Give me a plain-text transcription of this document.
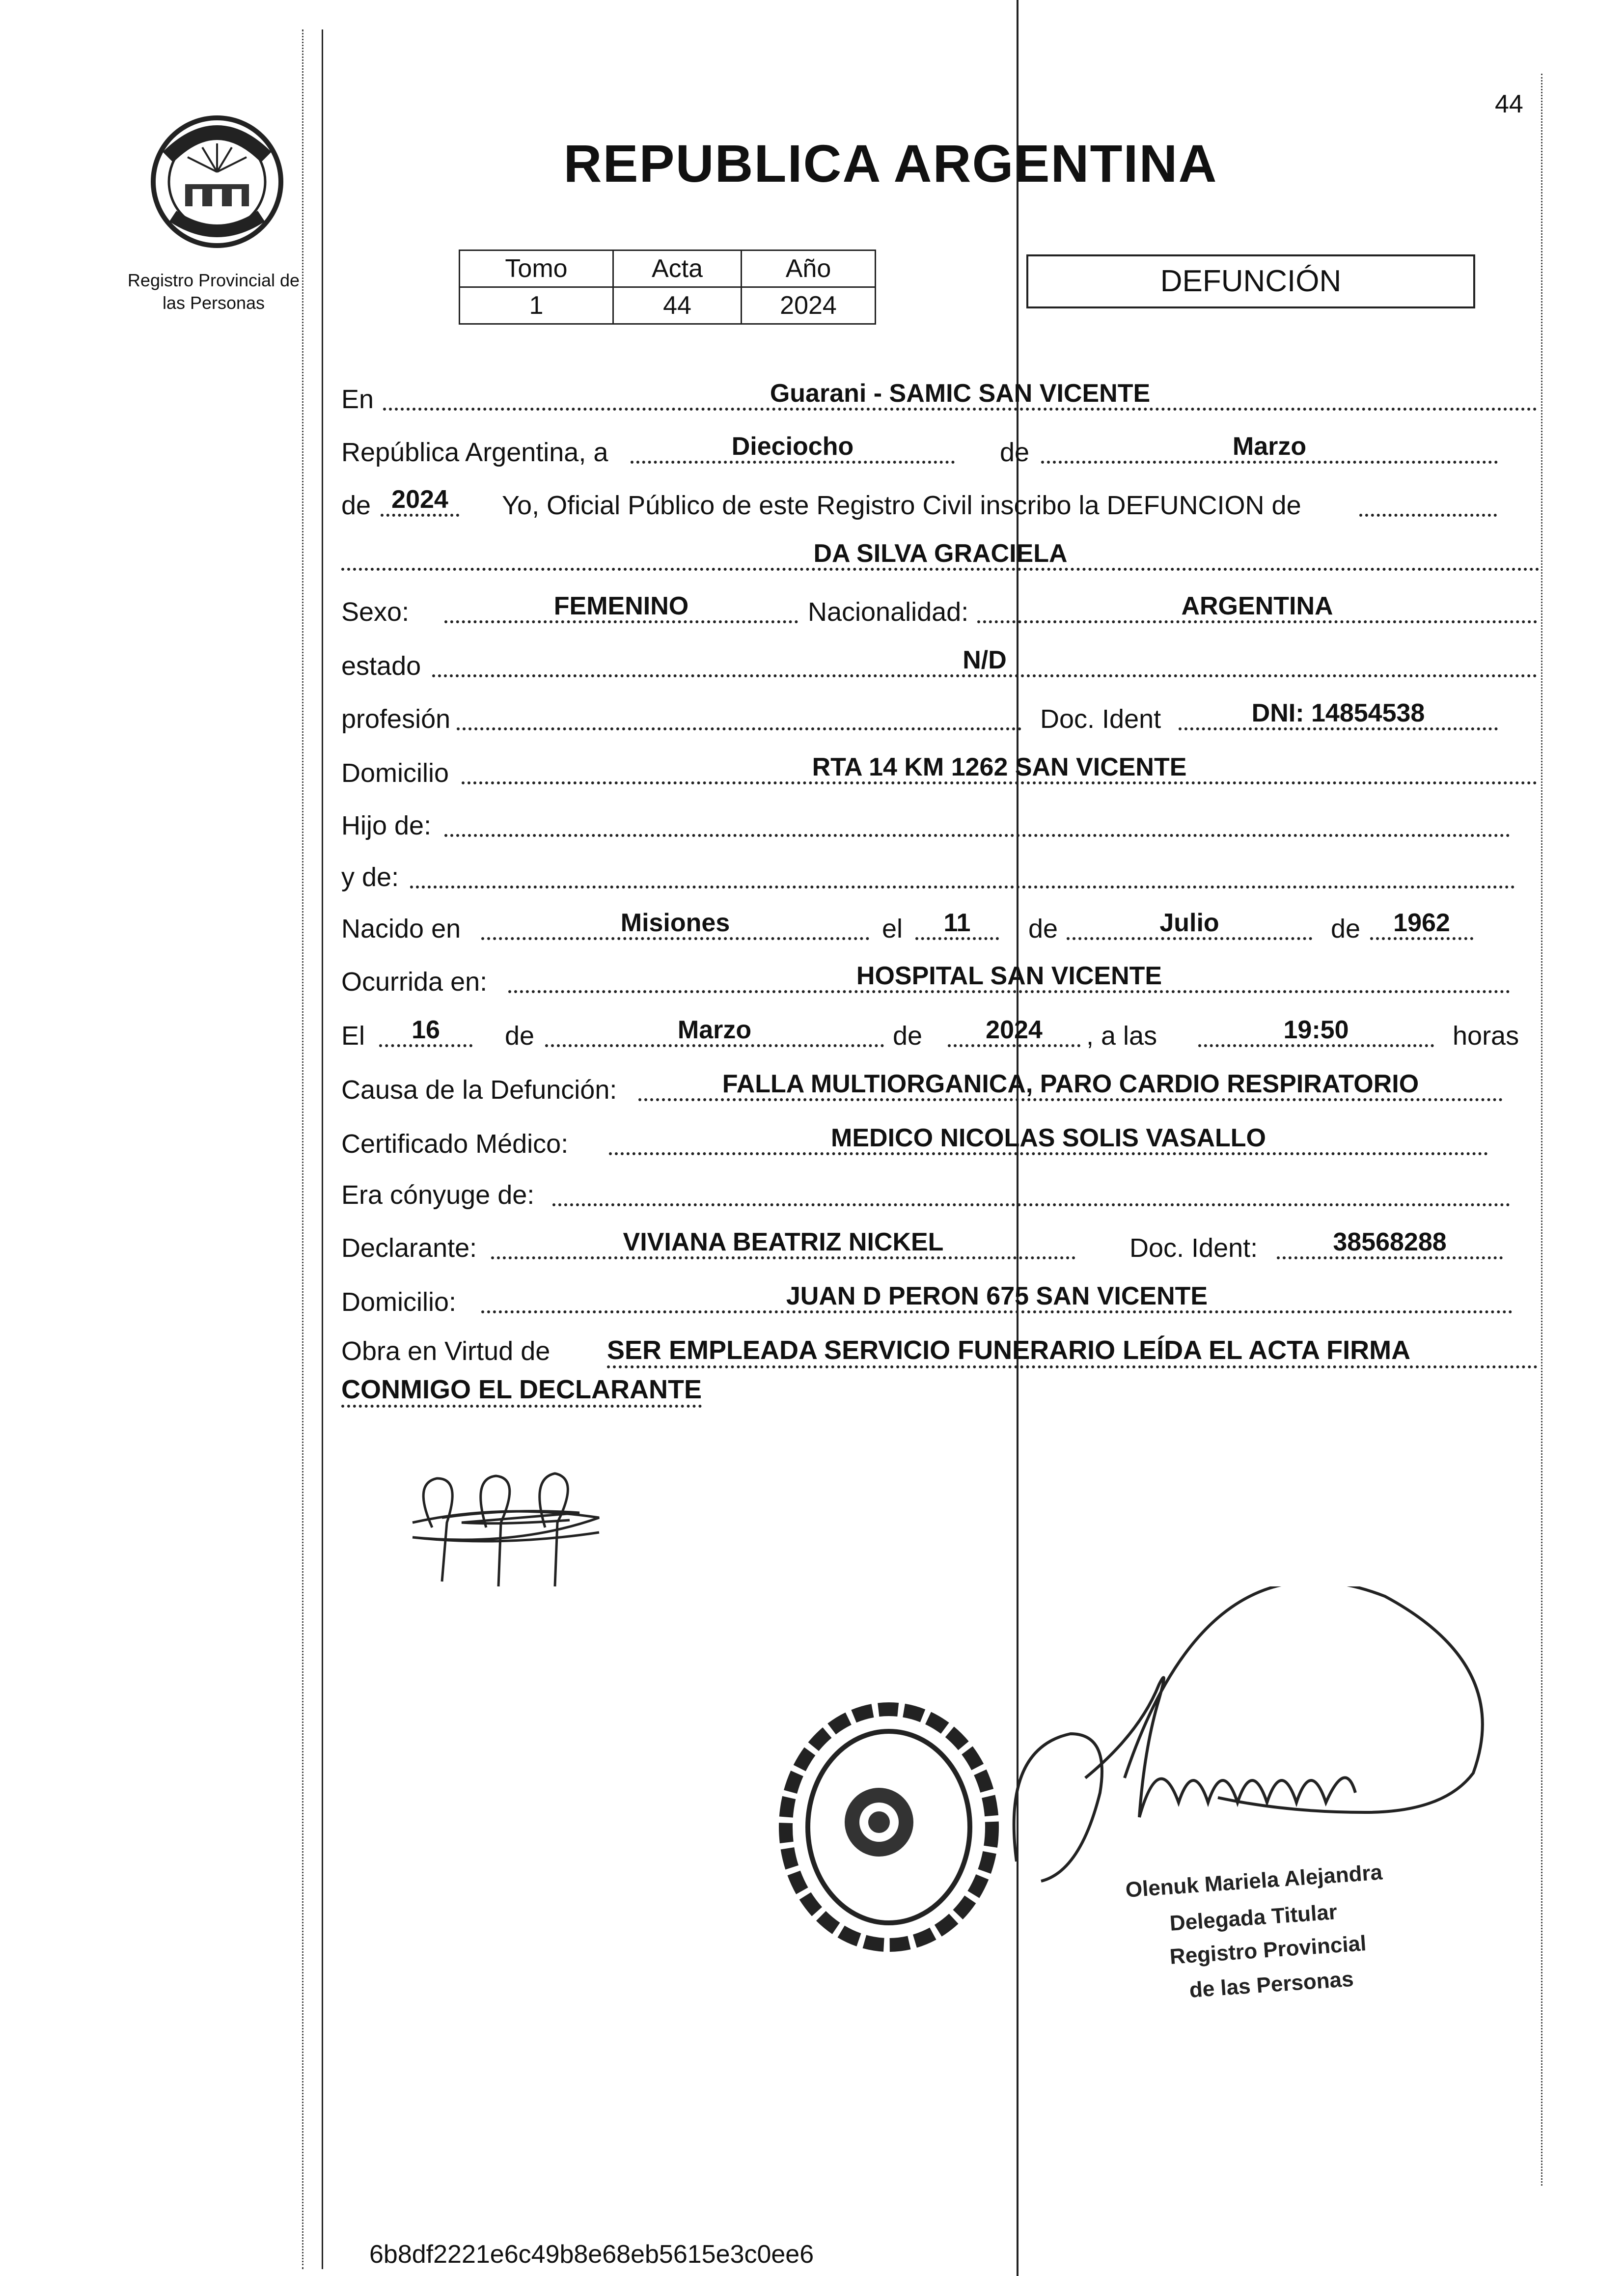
44
Registro Provincial de
las Personas
REPUBLICA ARGENTINA
Tomo	Acta	Año
1	44	2024
DEFUNCIÓN
En	Guarani - SAMIC SAN VICENTE
República Argentina, a	Dieciocho	de	Marzo
de 2024	Yo, Oficial Público de este Registro Civil inscribo la DEFUNCION de
DA SILVA GRACIELA
Sexo:	FEMENINO	Nacionalidad:	ARGENTINA
estado	N/D
profesión	Doc. Ident	DNI: 14854538
Domicilio	RTA 14 KM 1262 SAN VICENTE
Hijo de:
y de:
Nacido en	Misiones	el	11	de	Julio	de	1962
Ocurrida en:	HOSPITAL SAN VICENTE
El	16	de	Marzo	de	2024	, a las	19:50	horas
Causa de la Defunción:	FALLA MULTIORGANICA, PARO CARDIO RESPIRATORIO
Certificado Médico:	MEDICO NICOLAS SOLIS VASALLO
Era cónyuge de:
Declarante:	VIVIANA BEATRIZ NICKEL	Doc. Ident:	38568288
Domicilio:	JUAN D PERON 675 SAN VICENTE
Obra en Virtud de SER EMPLEADA SERVICIO FUNERARIO LEÍDA EL ACTA FIRMA
CONMIGO EL DECLARANTE
Olenuk Mariela Alejandra
Delegada Titular
Registro Provincial
de las Personas
6b8df2221e6c49b8e68eb5615e3c0ee6
